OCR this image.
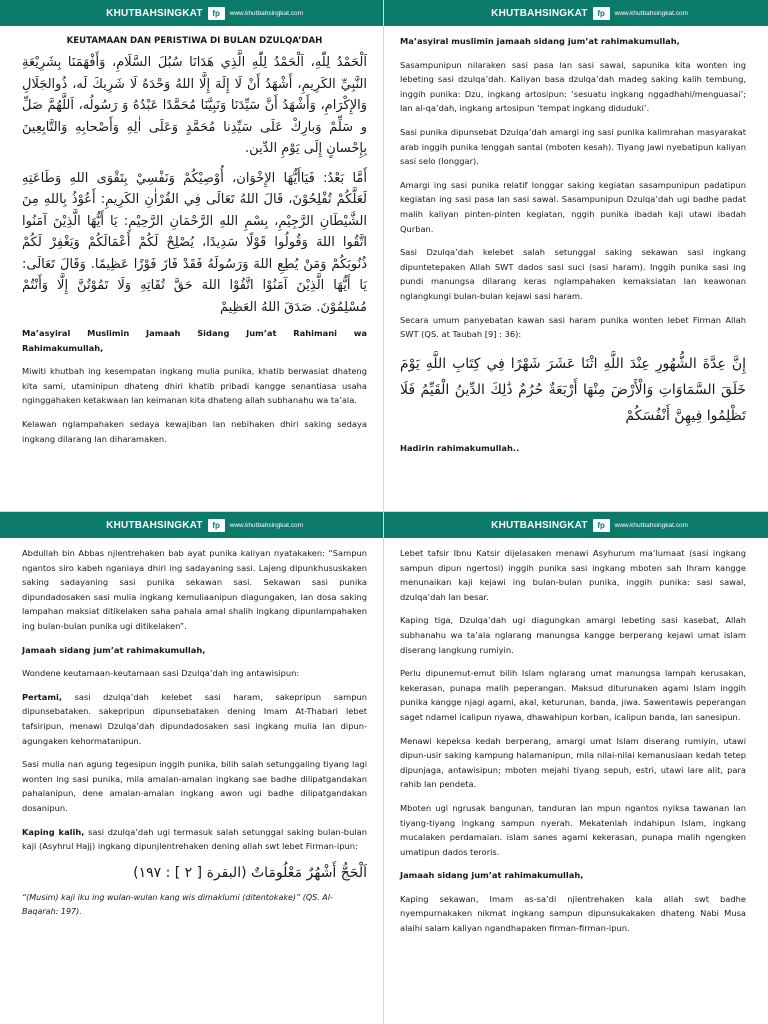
KHUTBAHSINGKAT	fp	www.khutbahsingkat.com
KEUTAMAAN DAN PERISTIWA DI BULAN DZULQA’DAH

اَلْحَمْدُ لِلّٰهِ، اَلْحَمْدُ لِلّٰهِ الَّذِي هَدَانَا سُبُلَ السَّلَامِ، وَأَفْهَمَنَا بِشَرِيْعَةِ النَّبِيِّ الكَرِيمِ، أَشْهَدُ أَنْ لَا إِلَهَ إِلَّا اللهُ وَحْدَهُ لَا شَرِيكَ لَه، ذُوالجَلَالِ وَالإِكْرَامِ، وَأَشْهَدُ أَنَّ سَيِّدَنَا وَنَبِيَّنَا مُحَمَّدًا عَبْدُهُ وَ رَسُولُه، اَللَّهُمَّ صَلِّ و سَلِّمْ وَبارِكْ عَلَى سَيِّدِنا مُحَمَّدٍ وَعَلَى اٰلِهِ وَأَصْحابِهِ وَالتَّابِعِينَ بِإِحْسانٍ إِلَى يَوْمِ الدِّين.

أَمَّا بَعْدُ: فَيَاأَيُّهَا الإِخْوَان، أُوْصِيْكُمْ وَنَفْسِيْ بِتَقْوَى اللهِ وَطَاعَتِهِ لَعَلَّكُمْ تُفْلِحُوْنَ، قَالَ اللهُ تَعَالَى فِي القُرْاٰنِ الكَرِيمِ: أَعُوْذُ بِاللهِ مِنَ الشَّيْطَانِ الرَّجِيْمِ، بِسْمِ اللهِ الرَّحْمَانِ الرَّحِيْمِ: يَا أَيُّهَا الَّذِيْنَ آمَنُوا اتَّقُوا اللهَ وَقُولُوا قَوْلًا سَدِيدًا، يُصْلِحْ لَكُمْ أَعْمَالَكُمْ وَيَغْفِرْ لَكُمْ ذُنُوبَكُمْ وَمَنْ يُطِعِ اللهَ وَرَسُولَهُ فَقَدْ فَازَ فَوْزًا عَظِيمًا. وَقَالَ تَعَالَى: يَا أَيُّهَا الَّذِيْنَ آمَنُوْا اتَّقُوْا اللهَ حَقَّ تُقَاتِهِ وَلَا تَمُوْتُنَّ إِلَّا وَأَنْتُمْ مُسْلِمُوْنَ. صَدَقَ اللهُ العَظِيمْ

Ma’asyiral Muslimin Jamaah Sidang Jum’at Rahimani wa Rahimakumullah,

Miwiti khutbah ing kesempatan ingkang mulia punika, khatib berwasiat dhateng kita sami, utaminipun dhateng dhiri khatib pribadi kangge senantiasa usaha nginggahaken ketakwaan lan keimanan kita dhateng allah subhanahu wa ta’ala.

Kelawan nglampahaken sedaya kewajiban lan nebihaken dhiri saking sedaya ingkang dilarang lan diharamaken.

KHUTBAHSINGKAT	fp	www.khutbahsingkat.com

Ma’asyiral muslimin jamaah sidang jum’at rahimakumullah,

Sasampunipun nilaraken sasi pasa lan sasi sawal, sapunika kita wonten ing lebeting sasi dzulqa’dah. Kaliyan basa dzulqa’dah madeg saking kalih tembung, inggih punika: Dzu, ingkang artosipun: ‘sesuatu ingkang nggadhahi/menguasai’; lan al-qa’dah, ingkang artosipun ‘tempat ingkang diduduki’.

Sasi punika dipunsebat Dzulqa’dah amargi ing sasi punika kalimrahan masyarakat arab inggih punika lenggah santai (mboten kesah). Tiyang jawi nyebatipun kaliyan sasi selo (longgar).

Amargi ing sasi punika relatif longgar saking kegiatan sasampunipun padatipun kegiatan ing sasi pasa lan sasi sawal. Sasampunipun Dzulqa’dah ugi badhe padat malih kaliyan pinten-pinten kegiatan, nggih punika ibadah kaji utawi ibadah Qurban.

Sasi Dzulqa’dah kelebet salah setunggal saking sekawan sasi ingkang dipuntetepaken Allah SWT dados sasi suci (sasi haram). Inggih punika sasi ing pundi manungsa dilarang keras nglampahaken kemaksiatan lan keawonan nglangkungi bulan-bulan kejawi sasi haram.

Secara umum panyebatan kawan sasi haram punika wonten lebet Firman Allah SWT (QS. at Taubah [9] : 36):

إِنَّ عِدَّةَ الشُّهُورِ عِنْدَ اللَّهِ اثْنَا عَشَرَ شَهْرًا فِي كِتَابِ اللَّهِ يَوْمَ خَلَقَ السَّمَاوَاتِ وَالْأَرْضَ مِنْهَا أَرْبَعَةٌ حُرُمٌ ذَٰلِكَ الدِّينُ الْقَيِّمُ فَلَا تَظْلِمُوا فِيهِنَّ أَنْفُسَكُمْ

Hadirin rahimakumullah..

KHUTBAHSINGKAT	fp	www.khutbahsingkat.com

Abdullah bin Abbas njlentrehaken bab ayat punika kaliyan nyatakaken: “Sampun ngantos siro kabeh nganiaya dhiri ing sadayaning sasi. Lajeng dipunkhususkaken saking sadayaning sasi punika sekawan sasi. Sekawan sasi punika dipundadosaken sasi mulia ingkang kemuliaanipun diagungaken, lan dosa saking lampahan maksiat ditikelaken saha pahala amal shalih ingkang dipunlampahaken ing bulan-bulan punika ugi ditikelaken”.

Jamaah sidang jum’at rahimakumullah,

Wondene keutamaan-keutamaan sasi Dzulqa’dah ing antawisipun:

Pertami, sasi dzulqa’dah kelebet sasi haram, sakepripun sampun dipunsebataken. sakepripun dipunsebataken dening Imam At-Thabari lebet tafsiripun, menawi Dzulqa’dah dipundadosaken sasi ingkang mulia lan dipun-agungaken kehormatanipun.

Sasi mulia nan agung tegesipun inggih punika, bilih salah setunggaling tiyang lagi wonten ing sasi punika, mila amalan-amalan ingkang sae badhe dilipatgandakan pahalanipun, dene amalan-amalan ingkang awon ugi badhe dilipatgandakan dosanipun.

Kaping kalih, sasi dzulqa’dah ugi termasuk salah setunggal saking bulan-bulan kaji (Asyhrul Hajj) ingkang dipunjlentrehaken dening allah swt lebet Firman-ipun:

اَلْحَجُّ أَشْهُرٌ مَعْلُومَاتٌ (البقرة [ ٢ ] : ١٩٧)

“(Musim) kaji iku ing wulan-wulan kang wis dimaklumi (ditentokake)” (QS. Al-Baqarah: 197).

KHUTBAHSINGKAT	fp	www.khutbahsingkat.com

Lebet tafsir Ibnu Katsir dijelasaken menawi Asyhurum ma’lumaat (sasi ingkang sampun dipun ngertosi) inggih punika sasi ingkang mboten sah Ihram kangge menunaikan kaji kejawi ing bulan-bulan punika, inggih punika: sasi sawal, dzulqa’dah lan besar.

Kaping tiga, Dzulqa’dah ugi diagungkan amargi lebeting sasi kasebat, Allah subhanahu wa ta’ala nglarang manungsa kangge berperang kejawi umat islam diserang langkung rumiyin.

Perlu dipunemut-emut bilih Islam nglarang umat manungsa lampah kerusakan, kekerasan, punapa malih peperangan. Maksud diturunaken agami Islam inggih punika kangge njagi agami, akal, keturunan, banda, jiwa. Sawentawis peperangan saget ndamel icalipun nyawa, dhawahipun korban, icalipun banda, lan sanesipun.

Menawi kepeksa kedah berperang, amargi umat Islam diserang rumiyin, utawi dipun-usir saking kampung halamanipun, mila nilai-nilai kemanusiaan kedah tetep dipunjaga, antawisipun; mboten mejahi tiyang sepuh, estri, utawi lare alit, para rahib lan pendeta.

Mboten ugi ngrusak bangunan, tanduran lan mpun ngantos nyiksa tawanan lan tiyang-tiyang ingkang sampun nyerah. Mekatenlah indahipun Islam, ingkang mucalaken perdamaian. islam sanes agami kekerasan, punapa malih ngengken umatipun dados teroris.

Jamaah sidang jum’at rahimakumullah,

Kaping sekawan, Imam as-sa’di njlentrehaken kala allah swt badhe nyempurnakaken nikmat ingkang sampun dipunsukakaken dhateng Nabi Musa alaihi salam kaliyan ngandhapaken firman-firman-ipun.
